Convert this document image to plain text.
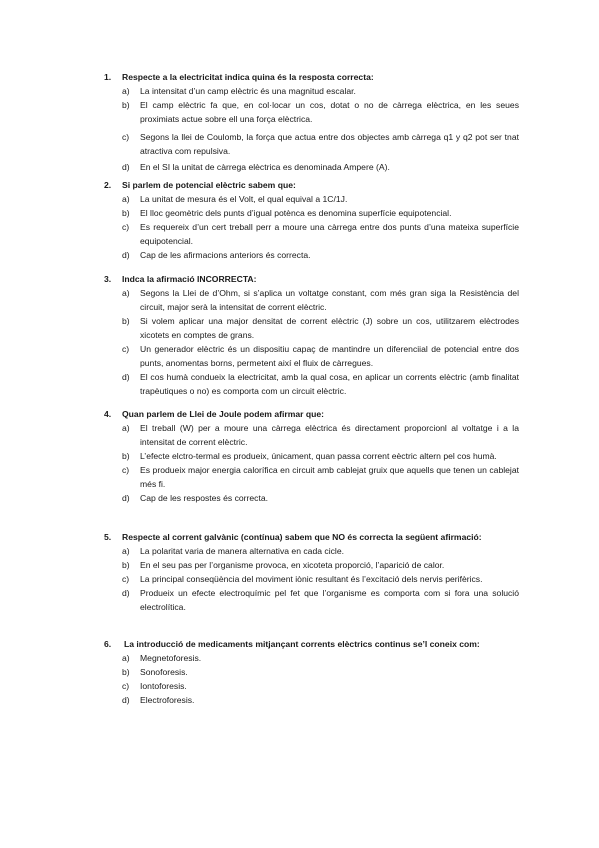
1. Respecte a la electricitat indica quina és la resposta correcta:
a) La intensitat d’un camp elèctric és una magnitud escalar.
b) El camp elèctric fa que, en col·locar un cos, dotat o no de càrrega elèctrica, en les seues proximiats actue sobre ell una força elèctrica.
c) Segons la llei de Coulomb, la força que actua entre dos objectes amb càrrega q1 y q2 pot ser tnat atractiva com repulsiva.
d) En el SI la unitat de càrrega elèctrica es denominada Ampere (A).
2. Si parlem de potencial elèctric sabem que:
a) La unitat de mesura és el Volt, el qual equival a 1C/1J.
b) El lloc geomètric dels punts d’igual potènca es denomina superfície equipotencial.
c) Es requereix d’un cert treball perr a moure una càrrega entre dos punts d’una mateixa superfície equipotencial.
d) Cap de les afirmacions anteriors és correcta.
3. Indca la afirmació INCORRECTA:
a) Segons la Llei de d’Ohm, si s’aplica un voltatge constant, com més gran siga la Resistència del circuit, major serà la intensitat de corrent elèctric.
b) Si volem aplicar una major densitat de corrent elèctric (J) sobre un cos, utilitzarem elèctrodes xicotets en comptes de grans.
c) Un generador elèctric és un dispositiu capaç de mantindre un diferenciial de potencial entre dos punts, anomentas borns, permetent així el fluix de càrregues.
d) El cos humà condueix la electricitat, amb la qual cosa, en aplicar un corrents elèctric (amb finalitat trapèutiques o no) es comporta com un circuit elèctric.
4. Quan parlem de Llei de Joule podem afirmar que:
a) El treball (W) per a moure una càrrega elèctrica és directament proporcionl al voltatge i a la intensitat de corrent elèctric.
b) L’efecte elctro-termal es produeix, únicament, quan passa corrent eèctric altern pel cos humà.
c) Es produeix major energia calorífica en circuit amb cablejat gruix que aquells que tenen un cablejat més fi.
d) Cap de les respostes és correcta.
5. Respecte al corrent galvànic (contínua) sabem que NO és correcta la següent afirmació:
a) La polaritat varia de manera alternativa en cada cicle.
b) En el seu pas per l’organisme provoca, en xicoteta proporció, l’aparició de calor.
c) La principal conseqüència del moviment iònic resultant és l’excitació dels nervis perifèrics.
d) Produeix un efecte electroquímic pel fet que l’organisme es comporta com si fora una solució electrolítica.
6. La introducció de medicaments mitjançant corrents elèctrics continus se’l coneix com:
a) Megnetoforesis.
b) Sonoforesis.
c) Iontoforesis.
d) Electroforesis.
